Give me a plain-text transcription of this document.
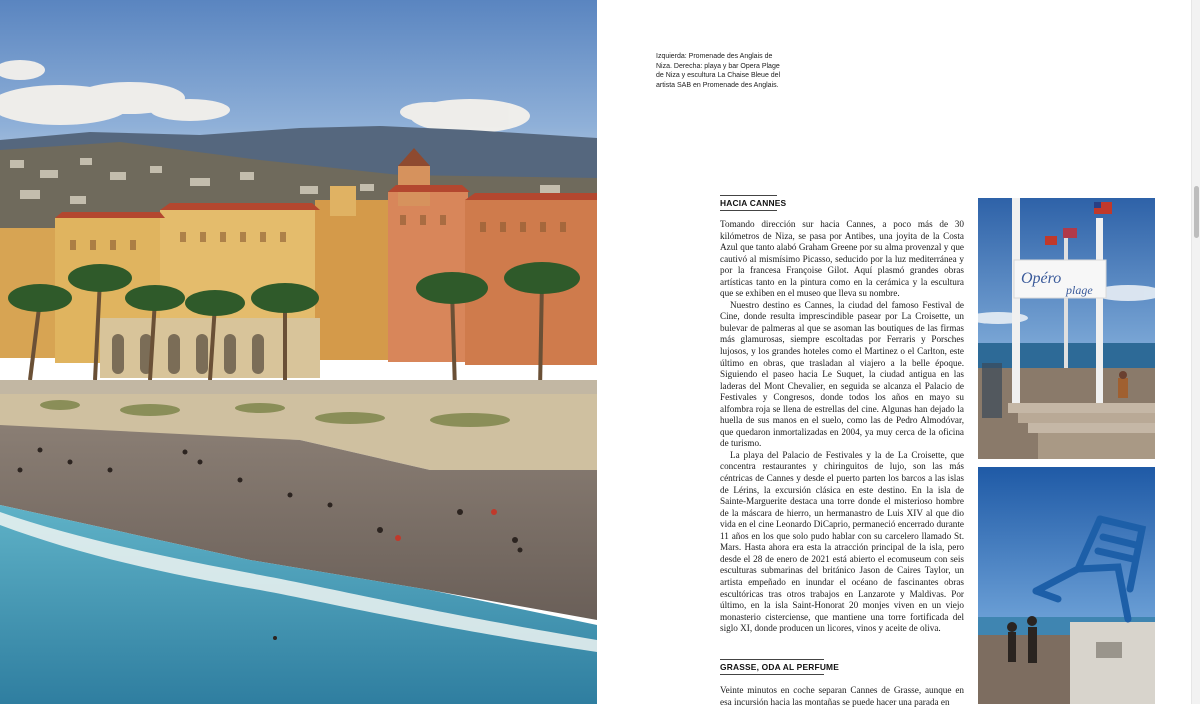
Izquierda: Promenade des Anglais de
Niza. Derecha: playa y bar Opera Plage
de Niza y escultura La Chaise Bleue del
artista SAB en Promenade des Anglais.
HACIA CANNES

Tomando dirección sur hacia Cannes, a poco más de 30 kilómetros de Niza, se pasa por Antibes, una joyita de la Costa Azul que tanto alabó Graham Greene por su alma provenzal y que cautivó al mismísimo Picasso, seducido por la luz mediterránea y por la francesa Françoise Gilot. Aquí plasmó grandes obras artísticas tanto en la pintura como en la cerámica y la escultura que se exhiben en el museo que lleva su nombre.

Nuestro destino es Cannes, la ciudad del famoso Festival de Cine, donde resulta imprescindible pasear por La Croisette, un bulevar de palmeras al que se asoman las boutiques de las firmas más glamurosas, siempre escoltadas por Ferraris y Porsches lujosos, y los grandes hoteles como el Martinez o el Carlton, este último en obras, que trasladan al viajero a la belle époque. Siguiendo el paseo hacia Le Suquet, la ciudad antigua en las laderas del Mont Chevalier, en seguida se alcanza el Palacio de Festivales y Congresos, donde todos los años en mayo su alfombra roja se llena de estrellas del cine. Algunas han dejado la huella de sus manos en el suelo, como las de Pedro Almodóvar, que quedaron inmortalizadas en 2004, ya muy cerca de la oficina de turismo.

La playa del Palacio de Festivales y la de La Croisette, que concentra restaurantes y chiringuitos de lujo, son las más céntricas de Cannes y desde el puerto parten los barcos a las islas de Lérins, la excursión clásica en este destino. En la isla de Sainte-Marguerite destaca una torre donde el misterioso hombre de la máscara de hierro, un hermanastro de Luis XIV al que dio vida en el cine Leonardo DiCaprio, permaneció encerrado durante 11 años en los que solo pudo hablar con su carcelero llamado St. Mars. Hasta ahora era esta la atracción principal de la isla, pero desde el 28 de enero de 2021 está abierto el ecomuseum con seis esculturas submarinas del británico Jason de Caires Taylor, un artista empeñado en inundar el océano de fascinantes obras escultóricas tras otros trabajos en Lanzarote y Maldivas. Por último, en la isla Saint-Honorat 20 monjes viven en un viejo monasterio cisterciense, que mantiene una torre fortificada del siglo XI, donde producen un licores, vinos y aceite de oliva.

GRASSE, ODA AL PERFUME

Veinte minutos en coche separan Cannes de Grasse, aunque en esa incursión hacia las montañas se puede hacer una parada en

Opéro
plage
